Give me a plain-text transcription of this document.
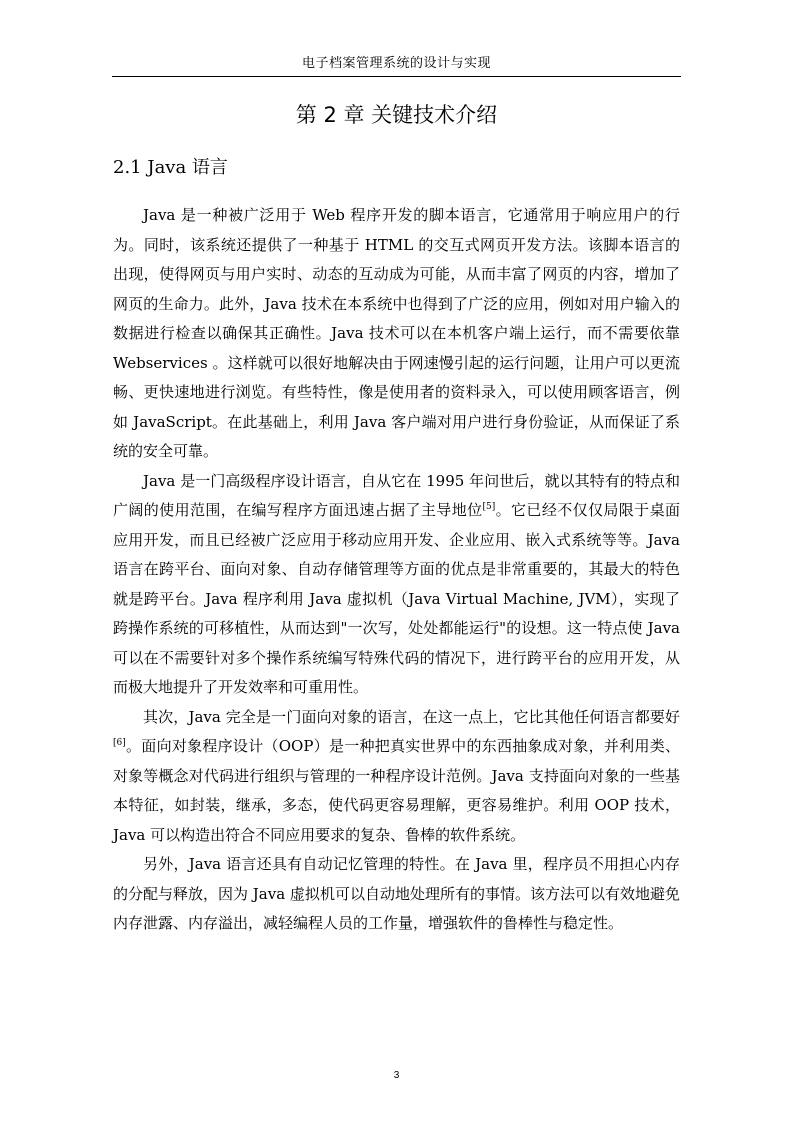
电子档案管理系统的设计与实现
第 2 章 关键技术介绍
2.1 Java 语言

Java 是一种被广泛用于 Web 程序开发的脚本语言，它通常用于响应用户的行为。同时，该系统还提供了一种基于 HTML 的交互式网页开发方法。该脚本语言的出现，使得网页与用户实时、动态的互动成为可能，从而丰富了网页的内容，增加了网页的生命力。此外，Java 技术在本系统中也得到了广泛的应用，例如对用户输入的数据进行检查以确保其正确性。Java 技术可以在本机客户端上运行，而不需要依靠 Webservices 。这样就可以很好地解决由于网速慢引起的运行问题，让用户可以更流畅、更快速地进行浏览。有些特性，像是使用者的资料录入，可以使用顾客语言，例如 JavaScript。在此基础上，利用 Java 客户端对用户进行身份验证，从而保证了系统的安全可靠。

Java 是一门高级程序设计语言，自从它在 1995 年问世后，就以其特有的特点和广阔的使用范围，在编写程序方面迅速占据了主导地位[5]。它已经不仅仅局限于桌面应用开发，而且已经被广泛应用于移动应用开发、企业应用、嵌入式系统等等。Java 语言在跨平台、面向对象、自动存储管理等方面的优点是非常重要的，其最大的特色就是跨平台。Java 程序利用 Java 虚拟机（Java Virtual Machine, JVM），实现了跨操作系统的可移植性，从而达到"一次写，处处都能运行"的设想。这一特点使 Java 可以在不需要针对多个操作系统编写特殊代码的情况下，进行跨平台的应用开发，从而极大地提升了开发效率和可重用性。

其次，Java 完全是一门面向对象的语言，在这一点上，它比其他任何语言都要好[6]。面向对象程序设计（OOP）是一种把真实世界中的东西抽象成对象，并利用类、对象等概念对代码进行组织与管理的一种程序设计范例。Java 支持面向对象的一些基本特征，如封装，继承，多态，使代码更容易理解，更容易维护。利用 OOP 技术，Java 可以构造出符合不同应用要求的复杂、鲁棒的软件系统。

另外，Java 语言还具有自动记忆管理的特性。在 Java 里，程序员不用担心内存的分配与释放，因为 Java 虚拟机可以自动地处理所有的事情。该方法可以有效地避免内存泄露、内存溢出，减轻编程人员的工作量，增强软件的鲁棒性与稳定性。

3
